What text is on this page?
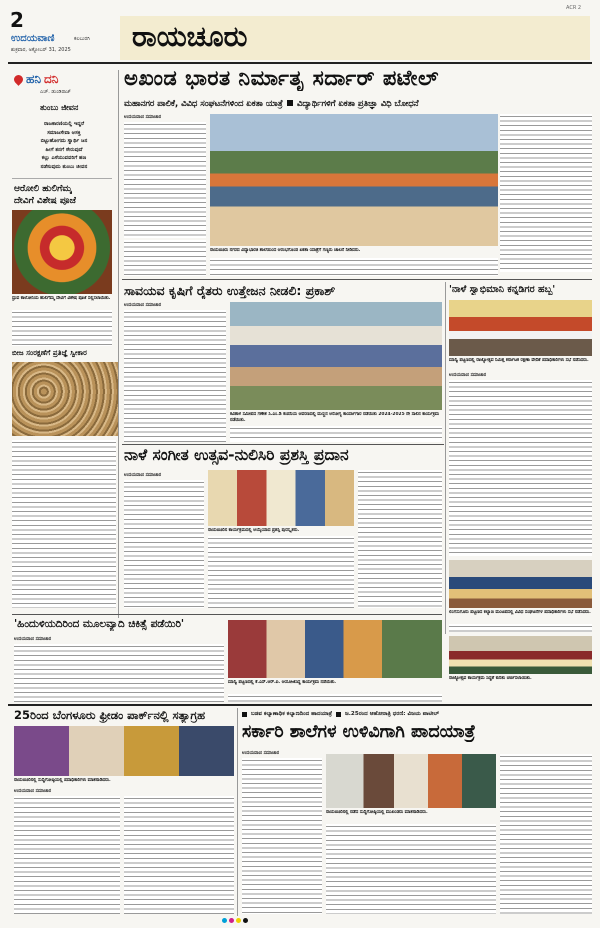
2
ಉದಯವಾಣಿ	ಕಲಬುರಗಿ
ಶುಕ್ರವಾರ, ಅಕ್ಟೋಬರ್ 31, 2025 ರಾಯಚೂರು
ACR 2
ಹನಿ ದನಿ
ಎಚ್. ಡುಂಡಿರಾಜ್
ತುಂಬು ಜೀವನ
ರಾಜಕಾರಣಿಯಲ್ಲಿ ಇದ್ದರೆ
ಸಮಾಜಸೇವಾ ಆಸಕ್ತಿ
ಬಿಟ್ಟುಹೋಗದು ಸ್ವಾರ್ಥಿ ಜನ
ಹೀಗೆ ತನಗೆ ಸೇರುವುದೆ
ಕಲ್ಲು ಎಸೆಯುವವರಿಗೆ ಹಣ
ನಡೆಸುವುದು ತುಂಬು ಜೀವನ
ಆರೋಲಿ ಹುಲಿಗೆಮ್ಮ
ದೇವಿಗೆ ವಿಶೇಷ ಪೂಜೆ
ಧ್ರುವ ಕಾಲೋನಿಯ ಹುಲಿಗೆಮ್ಮ ದೇವಿಗೆ ವಿಶೇಷ ಪೂಜೆ ಸಲ್ಲಿಸಲಾಯಿತು.
ಬೀಜ ಸಂರಕ್ಷಣೆಗೆ ಪ್ರತಿಜ್ಞೆ ಸ್ವೀಕಾರ
ಅಖಂಡ ಭಾರತ ನಿರ್ಮಾತೃ ಸರ್ದಾರ್ ಪಟೇಲ್
ಮಹಾನಗರ ಪಾಲಿಕೆ, ವಿವಿಧ ಸಂಘಟನೆಗಳಿಂದ ಏಕತಾ ಯಾತ್ರೆ ವಿದ್ಯಾರ್ಥಿಗಳಿಗೆ ಏಕತಾ ಪ್ರತಿಜ್ಞಾ ವಿಧಿ ಬೋಧನೆ
ಉದಯವಾಣಿ ಸಮಾಚಾರ
ರಾಯಚೂರು ನಗರದ ವಿದ್ಯಾಭಾರತಿ ಶಾಲೆಯಿಂದ ಆರಂಭಗೊಂಡ ಏಕತಾ ಯಾತ್ರೆಗೆ ಗಣ್ಯರು ಚಾಲನೆ ನೀಡಿದರು.
ಸಾವಯವ ಕೃಷಿಗೆ ರೈತರು ಉತ್ತೇಜನ ನೀಡಲಿ: ಪ್ರಕಾಶ್
ಉದಯವಾಣಿ ಸಮಾಚಾರ
ಕವಿತಾಳ ಸಮೀಪದ ಗಣೇಶ ಸಿ.ಎಂ.ಡಿ ಕಂಪನಿಯ ಆವರಣದಲ್ಲಿ ಮಣ್ಣಿನ ಆರೋಗ್ಯ ಕಾರ್ಯಾಗಾರ ನಡೆಯಿತು 2024-2025 ನೇ ಸಾಲಿನ ಕಾರ್ಯಕ್ರಮ ನಡೆಯಿತು.
'ನಾಳೆ ಸ್ವಾಭಿಮಾನಿ ಕನ್ನಡಿಗರ ಹಬ್ಬ'
ಮಾನ್ವಿ ಪಟ್ಟಣದಲ್ಲಿ ರಾಜ್ಯೋತ್ಸವ ನಿಮಿತ್ತ ಕರ್ನಾಟಕ ರಕ್ಷಣಾ ವೇದಿಕೆ ಪದಾಧಿಕಾರಿಗಳು ಸಭೆ ನಡೆಸಿದರು.
ಉದಯವಾಣಿ ಸಮಾಚಾರ
ಲಿಂಗಸುಗೂರು ಪಟ್ಟಣದ ಕಲ್ಯಾಣ ಮಂಟಪದಲ್ಲಿ ವಿವಿಧ ಸಂಘಟನೆಗಳ ಪದಾಧಿಕಾರಿಗಳು ಸಭೆ ನಡೆಸಿದರು.
ರಾಜ್ಯೋತ್ಸವ ಕಾರ್ಯಕ್ರಮ ಸಿದ್ಧತೆ ಕುರಿತು ಚರ್ಚಿಸಲಾಯಿತು.
ನಾಳೆ ಸಂಗೀತ ಉತ್ಸವ-ನುಲಿಸಿರಿ ಪ್ರಶಸ್ತಿ ಪ್ರದಾನ
ಉದಯವಾಣಿ ಸಮಾಚಾರ
ರಾಯಚೂರಿನ ಕಾರ್ಯಕ್ರಮದಲ್ಲಿ ಆಯ್ಕೆಯಾದ ಪ್ರಶಸ್ತಿ ಪುರಸ್ಕೃತರು.
'ಹಿಂದುಳಿಯದಿರಿಂದ ಮೂಲವ್ಯಾದಿ ಚಿಕಿತ್ಸೆ ಪಡೆಯಿರಿ'
ಉದಯವಾಣಿ ಸಮಾಚಾರ
ಮಾನ್ವಿ ಪಟ್ಟಣದಲ್ಲಿ ಕೆ.ಎಸ್.ಆರ್.ಪಿ. ಆಯೋಜಿಸಿದ್ದ ಕಾರ್ಯಕ್ರಮ ನಡೆಯಿತು.
25ರಿಂದ ಬೆಂಗಳೂರು ಫ್ರೀಡಂ ಪಾರ್ಕ್‌ನಲ್ಲಿ ಸತ್ಯಾಗ್ರಹ
ರಾಯಚೂರಿನಲ್ಲಿ ಸುದ್ದಿಗೋಷ್ಠಿಯಲ್ಲಿ ಪದಾಧಿಕಾರಿಗಳು ಮಾತನಾಡಿದರು.
ಉದಯವಾಣಿ ಸಮಾಚಾರ
ಬಡವ ಕಲ್ಯಾಣಾಧಿಕ ಕಲ್ಯಾಣದಿಂದ ಹಾದಯಾತ್ರೆ ಜ.25ರಂದ ಆಹೋರಾತ್ರಿ ಧರಣಿ: ವಿಜಯ ಪಾಟೀಲ್
ಸರ್ಕಾರಿ ಶಾಲೆಗಳ ಉಳಿವಿಗಾಗಿ ಪಾದಯಾತ್ರೆ
ಉದಯವಾಣಿ ಸಮಾಚಾರ
ರಾಯಚೂರಿನಲ್ಲಿ ನಡೆದ ಸುದ್ದಿಗೋಷ್ಠಿಯಲ್ಲಿ ಮುಖಂಡರು ಮಾತನಾಡಿದರು.
